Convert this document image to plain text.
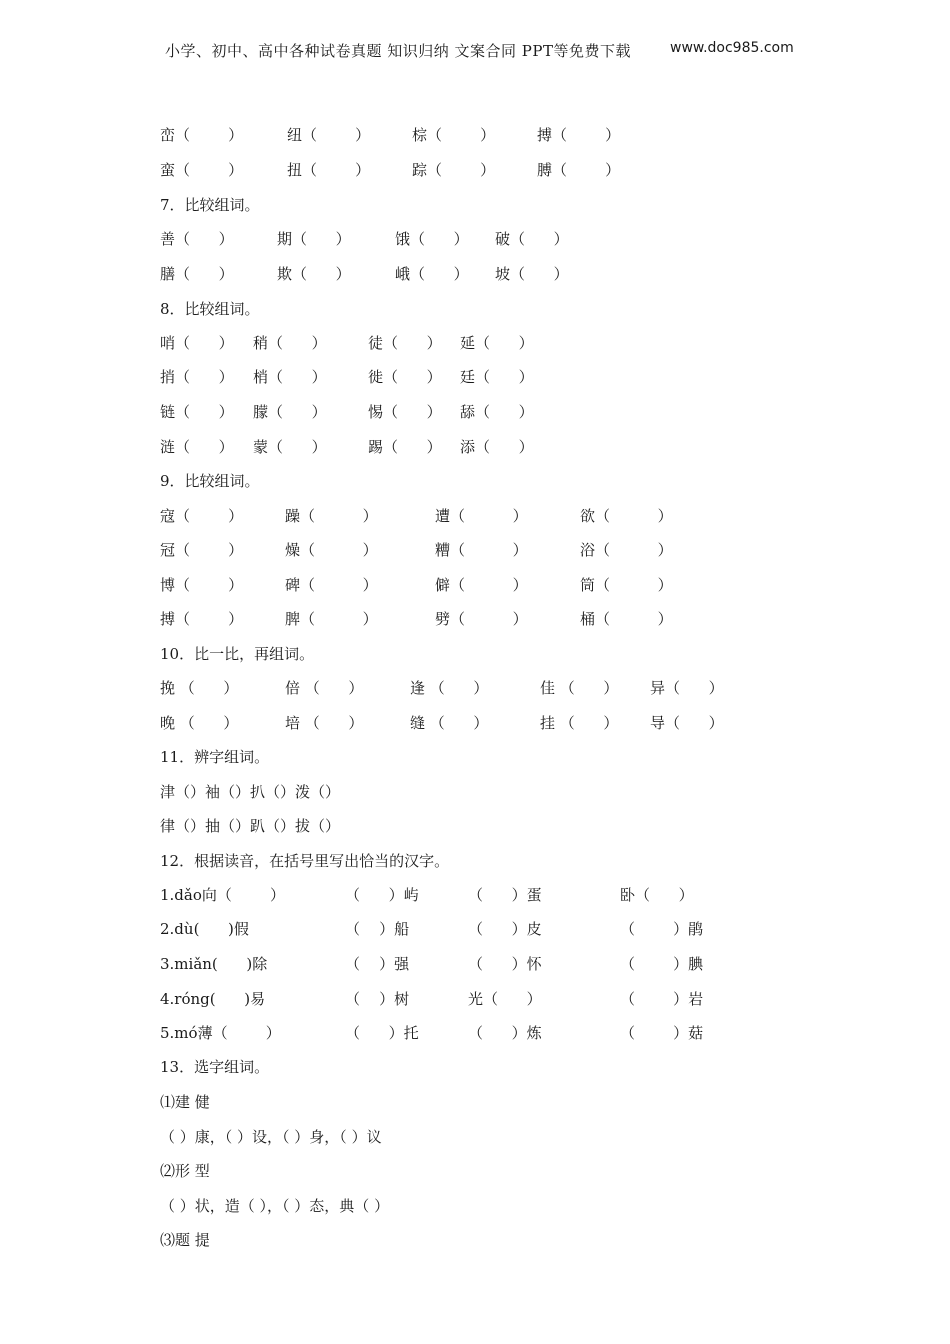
小学、初中、高中各种试卷真题 知识归纳 文案合同 PPT等免费下载	www.doc985.com
峦（        ）	纽（        ）	棕（        ）	搏（        ）
蛮（        ）	扭（        ）	踪（        ）	膊（        ）
7．比较组词。
善（      ）	期（      ）	饿（      ） 破（      ）
膳（      ）	欺（      ）	峨（      ） 坡（      ）
8．比较组词。
哨（      ） 稍（      ）	徒（      ） 延（      ）
捎（      ） 梢（      ）	徙（      ） 廷（      ）
链（      ） 朦（      ）	惕（      ） 舔（      ）
涟（      ） 蒙（      ）	踢（      ） 添（      ）
9．比较组词。
寇（        ）	躁（          ）	遭（          ）	欲（          ）
冠（        ）	燥（          ）	糟（          ）	浴（          ）
博（        ）	碑（          ）	僻（          ）	筒（          ）
搏（        ）	脾（          ）	劈（          ）	桶（          ）
10．比一比，再组词。
挽 （      ）	倍 （      ）	逢 （      ）	佳 （      ） 异（      ）
晚 （      ）	培 （      ）	缝 （      ）	挂 （      ） 导（      ）
11．辨字组词。
津（）袖（）扒（）泼（）
律（）抽（）趴（）拔（）
12．根据读音，在括号里写出恰当的汉字。
1.dǎo向（        ）	（      ）屿	（      ）蛋	卧（      ）
2.dù(      )假	（    ）船	（      ）皮	（        ）鹃
3.miǎn(      )除	（    ）强	（      ）怀	（        ）腆
4.róng(      )易	（    ）树	光（      ）	（        ）岩
5.mó薄（        ）	（      ）托	（      ）炼	（        ）菇
13．选字组词。
⑴建 健
（ ）康，（ ）设，（ ）身，（ ）议
⑵形 型
（ ）状，造（ ），（ ）态，典（ ）
⑶题 提
